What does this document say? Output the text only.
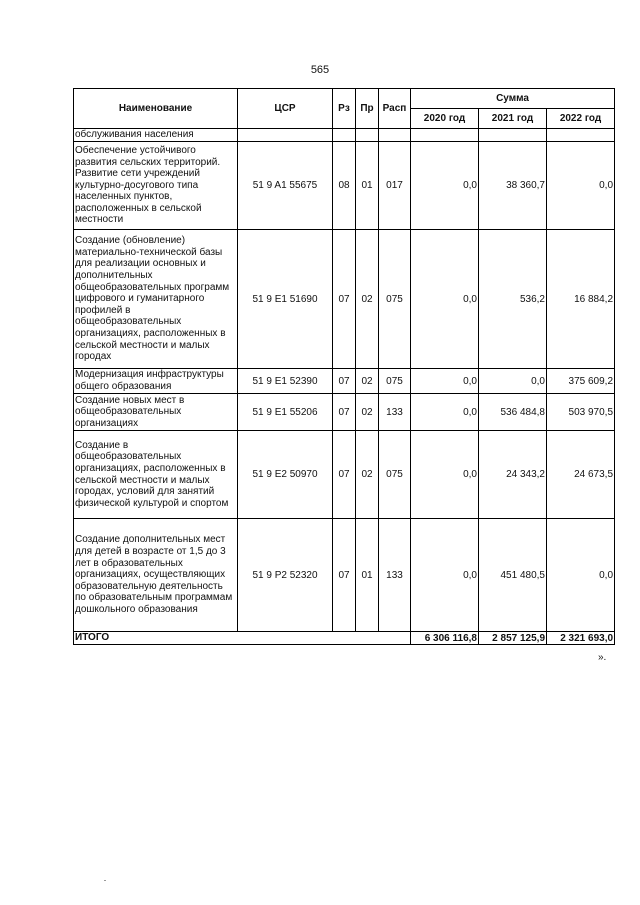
565
Наименование	ЦСР	Рз	Пр	Расп	Сумма		
					2020 год	2021 год	2022 год
обслуживания населения							
Обеспечение устойчивого развития сельских территорий. Развитие сети учреждений культурно-досугового типа населенных пунктов, расположенных в сельской местности	51 9 A1 55675	08	01	017	0,0	38 360,7	0,0
Создание (обновление) материально-технической базы для реализации основных и дополнительных общеобразовательных программ цифрового и гуманитарного профилей в общеобразовательных организациях, расположенных в сельской местности и малых городах	51 9 E1 51690	07	02	075	0,0	536,2	16 884,2
Модернизация инфраструктуры общего образования	51 9 E1 52390	07	02	075	0,0	0,0	375 609,2
Создание новых мест в общеобразовательных организациях	51 9 E1 55206	07	02	133	0,0	536 484,8	503 970,5
Создание в общеобразовательных организациях, расположенных в сельской местности и малых городах, условий для занятий физической культурой и спортом	51 9 E2 50970	07	02	075	0,0	24 343,2	24 673,5
Создание дополнительных мест для детей в возрасте от 1,5 до 3 лет в образовательных организациях, осуществляющих образовательную деятельность по образовательным программам дошкольного образования	51 9 P2 52320	07	01	133	0,0	451 480,5	0,0
ИТОГО					6 306 116,8	2 857 125,9	2 321 693,0
».
